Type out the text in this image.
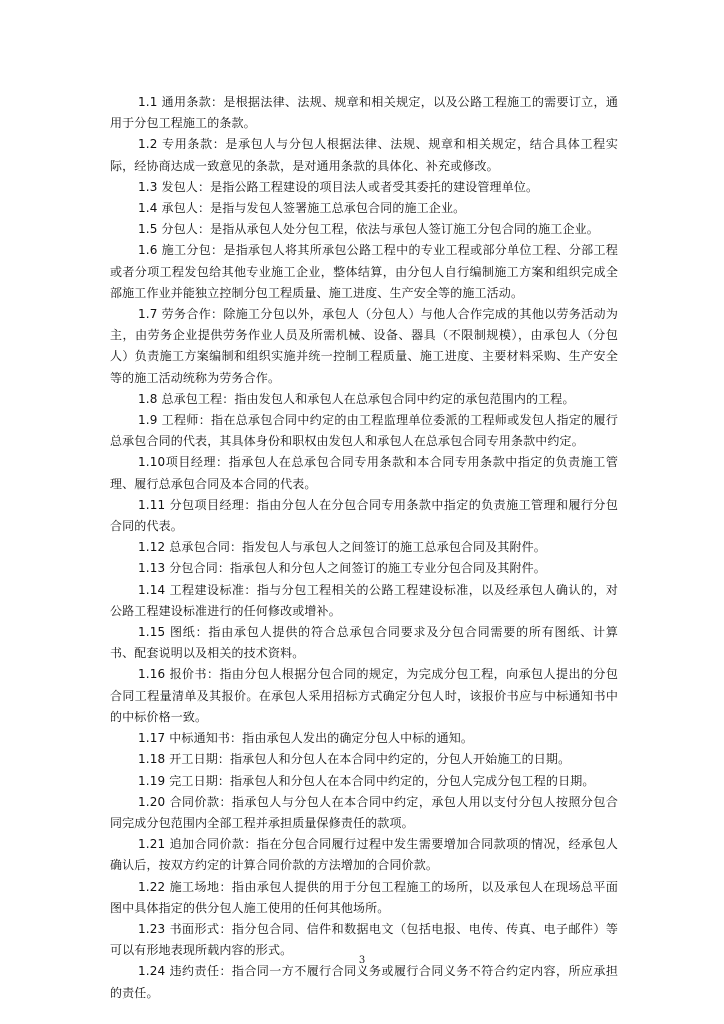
1.1 通用条款：是根据法律、法规、规章和相关规定，以及公路工程施工的需要订立，通用于分包工程施工的条款。

1.2 专用条款：是承包人与分包人根据法律、法规、规章和相关规定，结合具体工程实际，经协商达成一致意见的条款，是对通用条款的具体化、补充或修改。

1.3 发包人：是指公路工程建设的项目法人或者受其委托的建设管理单位。

1.4 承包人：是指与发包人签署施工总承包合同的施工企业。

1.5 分包人：是指从承包人处分包工程，依法与承包人签订施工分包合同的施工企业。

1.6 施工分包：是指承包人将其所承包公路工程中的专业工程或部分单位工程、分部工程或者分项工程发包给其他专业施工企业，整体结算，由分包人自行编制施工方案和组织完成全部施工作业并能独立控制分包工程质量、施工进度、生产安全等的施工活动。

1.7 劳务合作：除施工分包以外，承包人（分包人）与他人合作完成的其他以劳务活动为主，由劳务企业提供劳务作业人员及所需机械、设备、器具（不限制规模），由承包人（分包人）负责施工方案编制和组织实施并统一控制工程质量、施工进度、主要材料采购、生产安全等的施工活动统称为劳务合作。

1.8 总承包工程：指由发包人和承包人在总承包合同中约定的承包范围内的工程。

1.9 工程师：指在总承包合同中约定的由工程监理单位委派的工程师或发包人指定的履行总承包合同的代表，其具体身份和职权由发包人和承包人在总承包合同专用条款中约定。

1.10项目经理：指承包人在总承包合同专用条款和本合同专用条款中指定的负责施工管理、履行总承包合同及本合同的代表。

1.11 分包项目经理：指由分包人在分包合同专用条款中指定的负责施工管理和履行分包合同的代表。

1.12 总承包合同：指发包人与承包人之间签订的施工总承包合同及其附件。

1.13 分包合同：指承包人和分包人之间签订的施工专业分包合同及其附件。

1.14 工程建设标准：指与分包工程相关的公路工程建设标准，以及经承包人确认的，对公路工程建设标准进行的任何修改或增补。

1.15 图纸：指由承包人提供的符合总承包合同要求及分包合同需要的所有图纸、计算书、配套说明以及相关的技术资料。

1.16 报价书：指由分包人根据分包合同的规定，为完成分包工程，向承包人提出的分包合同工程量清单及其报价。在承包人采用招标方式确定分包人时，该报价书应与中标通知书中的中标价格一致。

1.17 中标通知书：指由承包人发出的确定分包人中标的通知。

1.18 开工日期：指承包人和分包人在本合同中约定的，分包人开始施工的日期。

1.19 完工日期：指承包人和分包人在本合同中约定的，分包人完成分包工程的日期。

1.20 合同价款：指承包人与分包人在本合同中约定，承包人用以支付分包人按照分包合同完成分包范围内全部工程并承担质量保修责任的款项。

1.21 追加合同价款：指在分包合同履行过程中发生需要增加合同款项的情况，经承包人确认后，按双方约定的计算合同价款的方法增加的合同价款。

1.22 施工场地：指由承包人提供的用于分包工程施工的场所，以及承包人在现场总平面图中具体指定的供分包人施工使用的任何其他场所。

1.23 书面形式：指分包合同、信件和数据电文（包括电报、电传、传真、电子邮件）等可以有形地表现所载内容的形式。

1.24 违约责任：指合同一方不履行合同义务或履行合同义务不符合约定内容，所应承担的责任。

3
